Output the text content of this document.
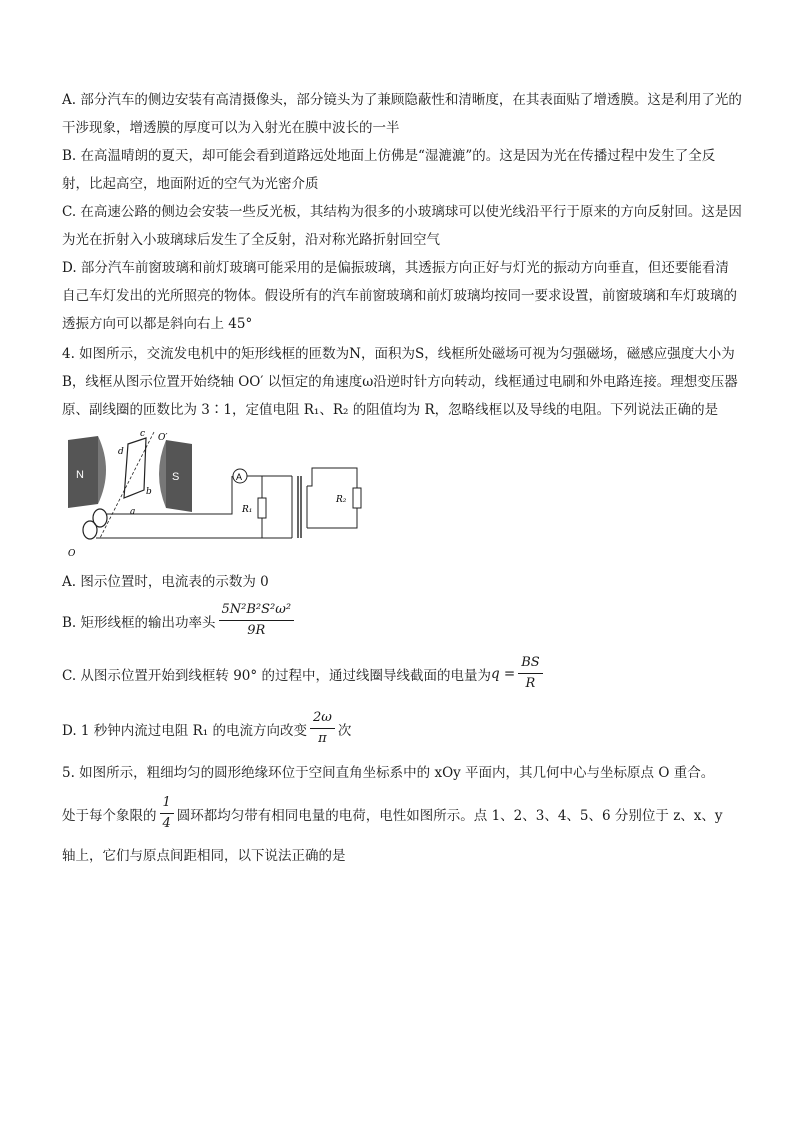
A. 部分汽车的侧边安装有高清摄像头，部分镜头为了兼顾隐蔽性和清晰度，在其表面贴了增透膜。这是利用了光的干涉现象，增透膜的厚度可以为入射光在膜中波长的一半

B. 在高温晴朗的夏天，却可能会看到道路远处地面上仿佛是“湿漉漉”的。这是因为光在传播过程中发生了全反射，比起高空，地面附近的空气为光密介质

C. 在高速公路的侧边会安装一些反光板，其结构为很多的小玻璃球可以使光线沿平行于原来的方向反射回。这是因为光在折射入小玻璃球后发生了全反射，沿对称光路折射回空气

D. 部分汽车前窗玻璃和前灯玻璃可能采用的是偏振玻璃，其透振方向正好与灯光的振动方向垂直，但还要能看清自己车灯发出的光所照亮的物体。假设所有的汽车前窗玻璃和前灯玻璃均按同一要求设置，前窗玻璃和车灯玻璃的透振方向可以都是斜向右上 45°

4. 如图所示，交流发电机中的矩形线框的匝数为N，面积为S，线框所处磁场可视为匀强磁场，磁感应强度大小为B，线框从图示位置开始绕轴 OO′ 以恒定的角速度ω沿逆时针方向转动，线框通过电刷和外电路连接。理想变压器原、副线圈的匝数比为 3∶1，定值电阻 R₁、R₂ 的阻值均为 R，忽略线框以及导线的电阻。下列说法正确的是

N	S
c
d
b
a
O′
O
A
R₁
R₂

A. 图示位置时，电流表的示数为 0

B. 矩形线框的输出功率头 $\frac{\text{5N²B²S²ω²}}{9R}$
C. 从图示位置开始到线框转 90° 的过程中，通过线圈导线截面的电量为 $q = \frac{BS}{R}$
D. 1 秒钟内流过电阻 R₁ 的电流方向改变 $\frac{2\omega}{\pi}$ 次

5. 如图所示，粗细均匀的圆形绝缘环位于空间直角坐标系中的 xOy 平面内，其几何中心与坐标原点 O 重合。

处于每个象限的 $\frac{1}{4}$ 圆环都均匀带有相同电量的电荷，电性如图所示。点 1、2、3、4、5、6 分别位于 z、x、y

轴上，它们与原点间距相同，以下说法正确的是
